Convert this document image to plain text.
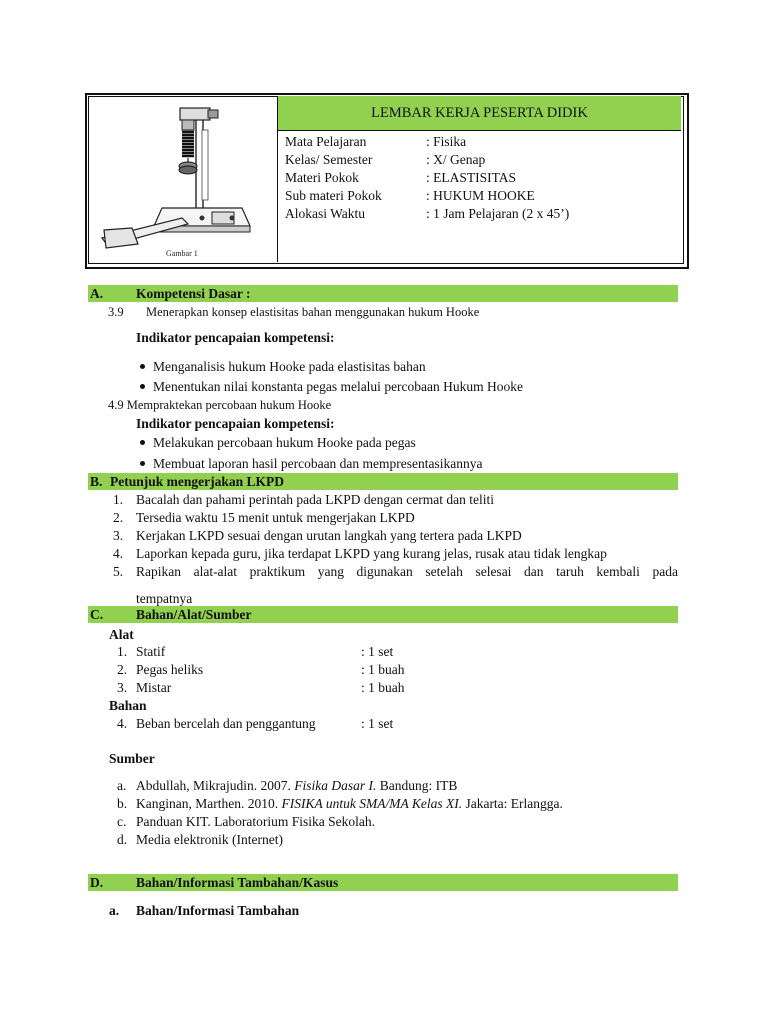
Gambar 1
LEMBAR KERJA PESERTA DIDIK
Mata Pelajaran	: Fisika
Kelas/ Semester	: X/ Genap
Materi Pokok	: ELASTISITAS
Sub materi Pokok	: HUKUM HOOKE
Alokasi Waktu	: 1 Jam Pelajaran (2 x 45’)
A. Kompetensi Dasar :
3.9 Menerapkan konsep elastisitas bahan menggunakan hukum Hooke
Indikator pencapaian kompetensi:
Menganalisis hukum Hooke pada elastisitas bahan
Menentukan nilai konstanta pegas melalui percobaan Hukum Hooke
4.9 Mempraktekan percobaan hukum Hooke
Indikator pencapaian kompetensi:
Melakukan percobaan hukum Hooke pada pegas
Membuat laporan hasil percobaan dan mempresentasikannya
B. Petunjuk mengerjakan LKPD
1. Bacalah dan pahami perintah pada LKPD dengan cermat dan teliti
2. Tersedia waktu 15 menit untuk mengerjakan LKPD
3. Kerjakan LKPD sesuai dengan urutan langkah yang tertera pada LKPD
4. Laporkan kepada guru, jika terdapat LKPD yang kurang jelas, rusak atau tidak lengkap
5. Rapikan alat-alat praktikum yang digunakan setelah selesai dan taruh kembali pada
tempatnya
C. Bahan/Alat/Sumber
Alat
1. Statif	: 1 set
2. Pegas heliks	: 1 buah
3. Mistar	: 1 buah
Bahan
4. Beban bercelah dan penggantung	: 1 set
Sumber
a. Abdullah, Mikrajudin. 2007. Fisika Dasar I. Bandung: ITB
b. Kanginan, Marthen. 2010. FISIKA untuk SMA/MA Kelas XI. Jakarta: Erlangga.
c. Panduan KIT. Laboratorium Fisika Sekolah.
d. Media elektronik (Internet)
D. Bahan/Informasi Tambahan/Kasus
a. Bahan/Informasi Tambahan
